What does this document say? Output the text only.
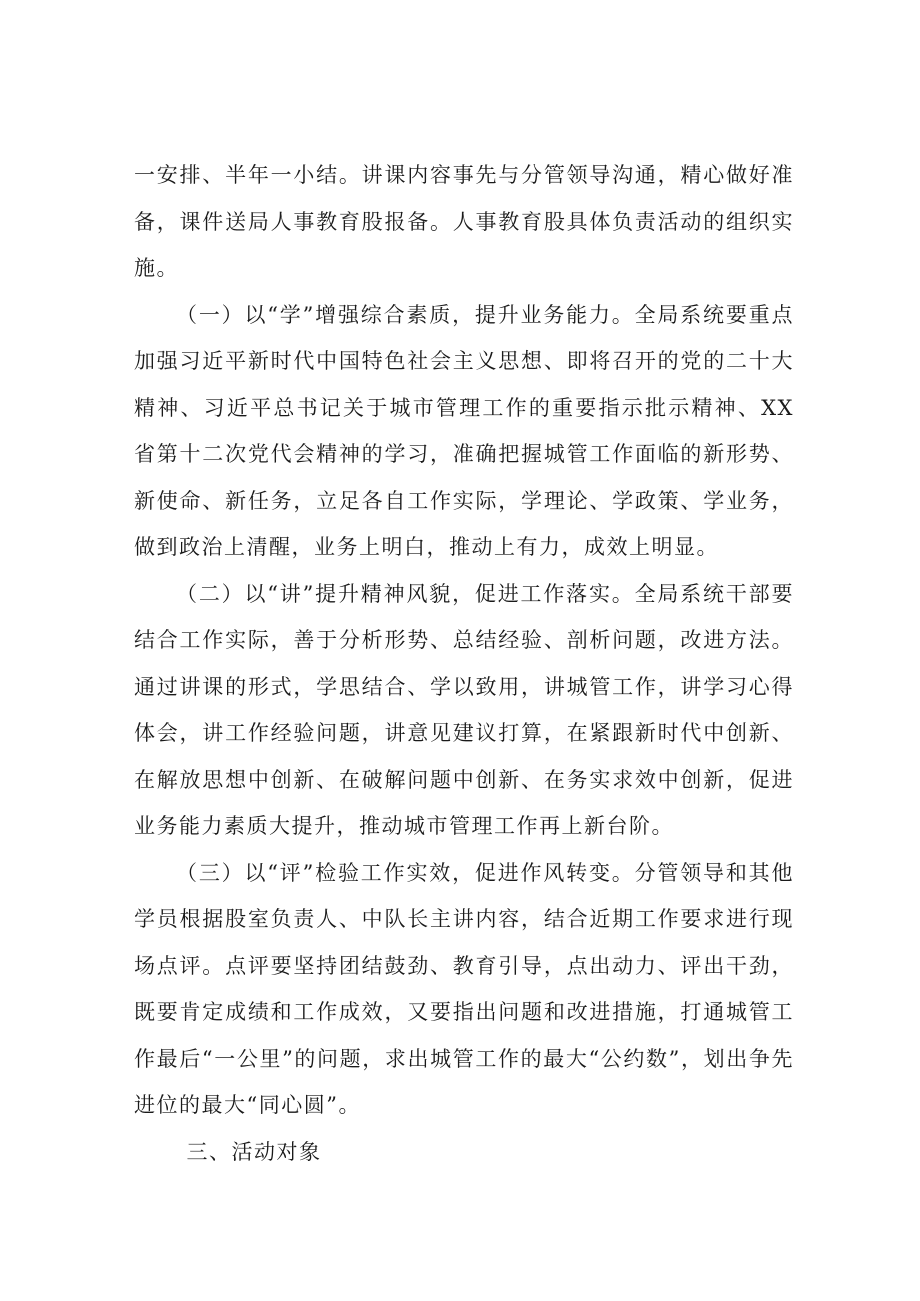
一安排、半年一小结。讲课内容事先与分管领导沟通，精心做好准备，课件送局人事教育股报备。人事教育股具体负责活动的组织实施。

（一）以“学”增强综合素质，提升业务能力。全局系统要重点加强习近平新时代中国特色社会主义思想、即将召开的党的二十大精神、习近平总书记关于城市管理工作的重要指示批示精神、XX省第十二次党代会精神的学习，准确把握城管工作面临的新形势、新使命、新任务，立足各自工作实际，学理论、学政策、学业务，做到政治上清醒，业务上明白，推动上有力，成效上明显。

（二）以“讲”提升精神风貌，促进工作落实。全局系统干部要结合工作实际，善于分析形势、总结经验、剖析问题，改进方法。通过讲课的形式，学思结合、学以致用，讲城管工作，讲学习心得体会，讲工作经验问题，讲意见建议打算，在紧跟新时代中创新、在解放思想中创新、在破解问题中创新、在务实求效中创新，促进业务能力素质大提升，推动城市管理工作再上新台阶。

（三）以“评”检验工作实效，促进作风转变。分管领导和其他学员根据股室负责人、中队长主讲内容，结合近期工作要求进行现场点评。点评要坚持团结鼓劲、教育引导，点出动力、评出干劲，既要肯定成绩和工作成效，又要指出问题和改进措施，打通城管工作最后“一公里”的问题，求出城管工作的最大“公约数”，划出争先进位的最大“同心圆”。

三、活动对象
